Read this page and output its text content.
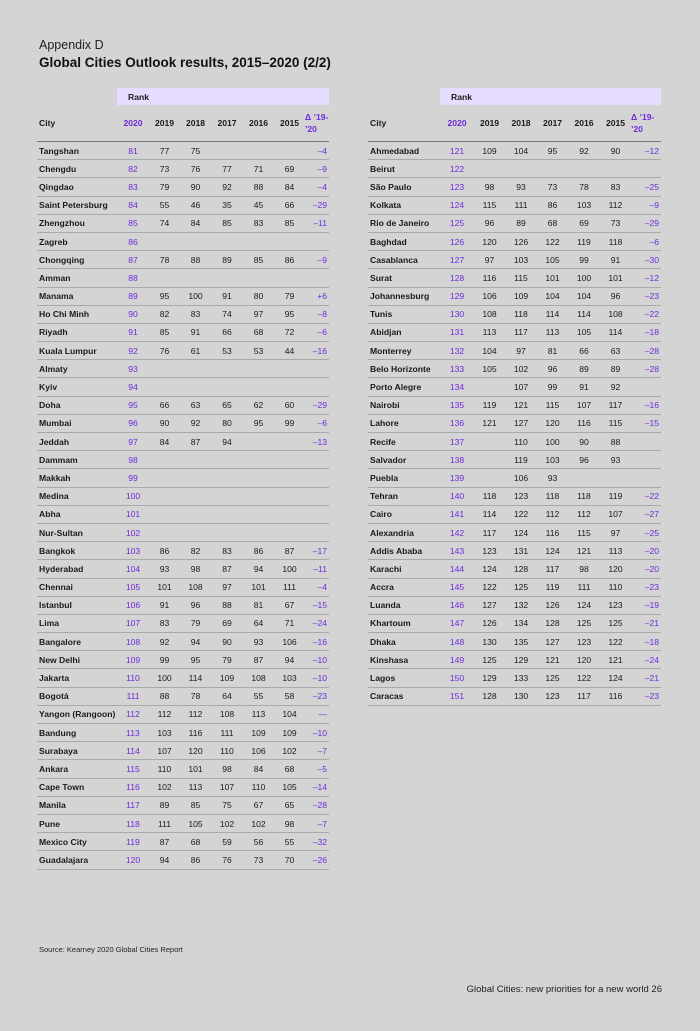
Appendix D
Global Cities Outlook results, 2015–2020 (2/2)
	Rank						
City	2020	2019	2018	2017	2016	2015	Δ ’19-
’20
Tangshan	81	77	75				–4
Chengdu	82	73	76	77	71	69	–9
Qingdao	83	79	90	92	88	84	–4
Saint Petersburg	84	55	46	35	45	66	–29
Zhengzhou	85	74	84	85	83	85	–11
Zagreb	86						
Chongqing	87	78	88	89	85	86	–9
Amman	88						
Manama	89	95	100	91	80	79	+6
Ho Chi Minh	90	82	83	74	97	95	–8
Riyadh	91	85	91	66	68	72	–6
Kuala Lumpur	92	76	61	53	53	44	–16
Almaty	93						
Kyiv	94						
Doha	95	66	63	65	62	60	–29
Mumbai	96	90	92	80	95	99	–6
Jeddah	97	84	87	94			–13
Dammam	98						
Makkah	99						
Medina	100						
Abha	101						
Nur-Sultan	102						
Bangkok	103	86	82	83	86	87	–17
Hyderabad	104	93	98	87	94	100	–11
Chennai	105	101	108	97	101	111	–4
Istanbul	106	91	96	88	81	67	–15
Lima	107	83	79	69	64	71	–24
Bangalore	108	92	94	90	93	106	–16
New Delhi	109	99	95	79	87	94	–10
Jakarta	110	100	114	109	108	103	–10
Bogotá	111	88	78	64	55	58	–23
Yangon (Rangoon)	112	112	112	108	113	104	—
Bandung	113	103	116	111	109	109	–10
Surabaya	114	107	120	110	106	102	–7
Ankara	115	110	101	98	84	68	–5
Cape Town	116	102	113	107	110	105	–14
Manila	117	89	85	75	67	65	–28
Pune	118	111	105	102	102	98	–7
Mexico City	119	87	68	59	56	55	–32
Guadalajara	120	94	86	76	73	70	–26
	Rank						
City	2020	2019	2018	2017	2016	2015	Δ ’19-
’20
Ahmedabad	121	109	104	95	92	90	–12
Beirut	122						
São Paulo	123	98	93	73	78	83	–25
Kolkata	124	115	111	86	103	112	–9
Rio de Janeiro	125	96	89	68	69	73	–29
Baghdad	126	120	126	122	119	118	–6
Casablanca	127	97	103	105	99	91	–30
Surat	128	116	115	101	100	101	–12
Johannesburg	129	106	109	104	104	96	–23
Tunis	130	108	118	114	114	108	–22
Abidjan	131	113	117	113	105	114	–18
Monterrey	132	104	97	81	66	63	–28
Belo Horizonte	133	105	102	96	89	89	–28
Porto Alegre	134		107	99	91	92	
Nairobi	135	119	121	115	107	117	–16
Lahore	136	121	127	120	116	115	–15
Recife	137		110	100	90	88	
Salvador	138		119	103	96	93	
Puebla	139		106	93			
Tehran	140	118	123	118	118	119	–22
Cairo	141	114	122	112	112	107	–27
Alexandria	142	117	124	116	115	97	–25
Addis Ababa	143	123	131	124	121	113	–20
Karachi	144	124	128	117	98	120	–20
Accra	145	122	125	119	111	110	–23
Luanda	146	127	132	126	124	123	–19
Khartoum	147	126	134	128	125	125	–21
Dhaka	148	130	135	127	123	122	–18
Kinshasa	149	125	129	121	120	121	–24
Lagos	150	129	133	125	122	124	–21
Caracas	151	128	130	123	117	116	–23
Source: Kearney 2020 Global Cities Report
Global Cities: new priorities for a new world 26
